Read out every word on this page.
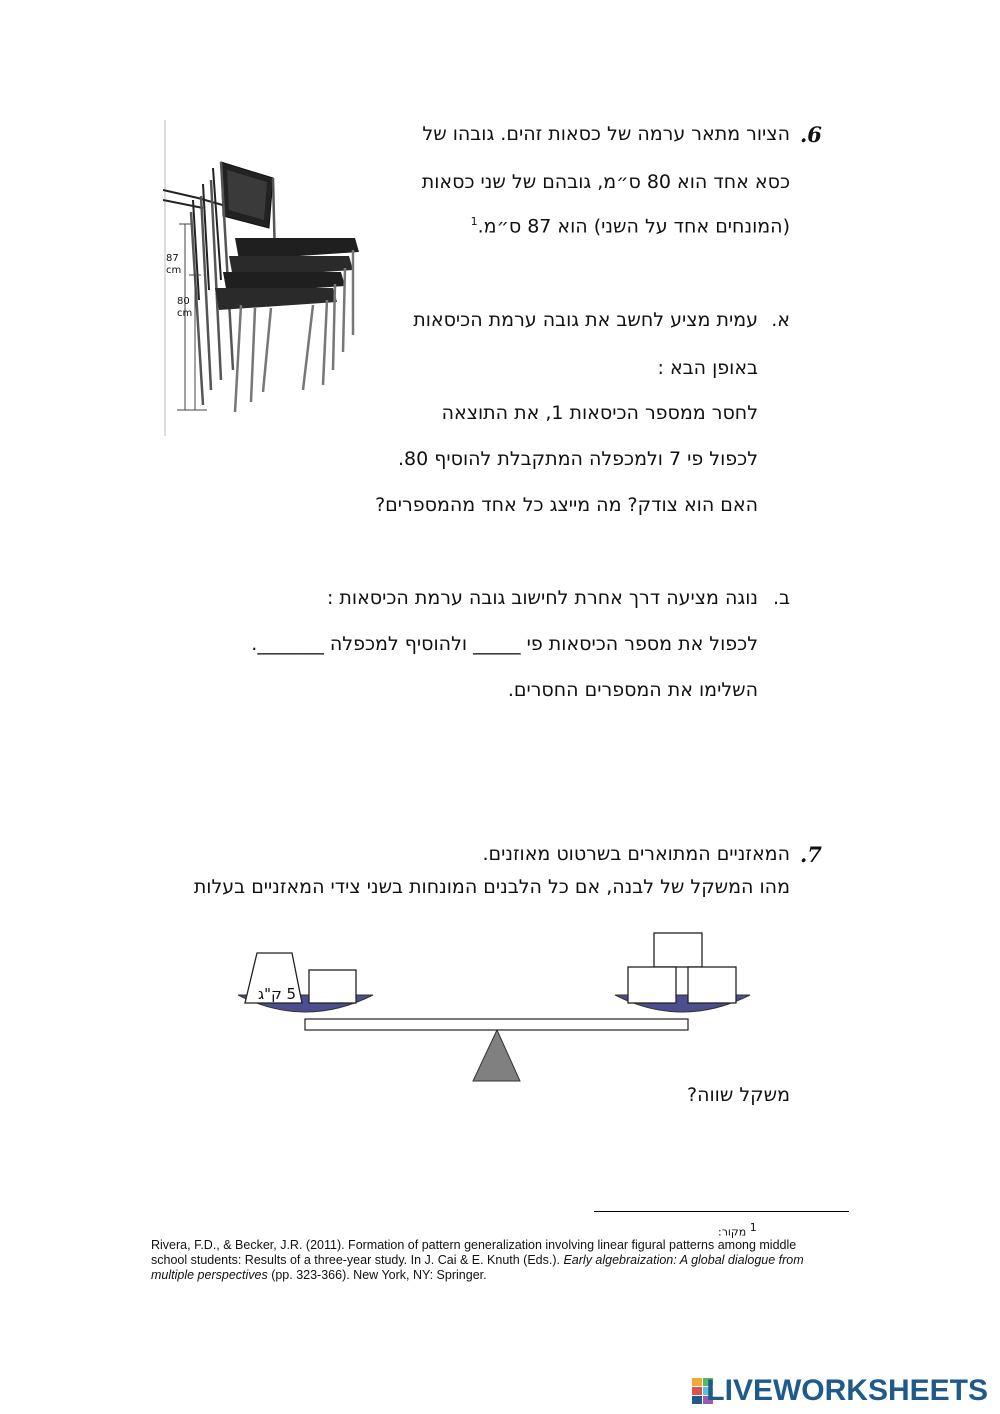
.6
הציור מתאר ערמה של כסאות זהים. גובהו של
כסא אחד הוא 80 ס״מ, גובהם של שני כסאות
(המונחים אחד על השני) הוא 87 ס״מ.$^1$
87
cm
80
cm	א.
עמית מציע לחשב את גובה ערמת הכיסאות
באופן הבא :
לחסר ממספר הכיסאות 1, את התוצאה
לכפול פי 7 ולמכפלה המתקבלת להוסיף 80.
האם הוא צודק? מה מייצג כל אחד מהמספרים?
ב.
נוגה מציעה דרך אחרת לחישוב גובה ערמת הכיסאות :
לכפול את מספר הכיסאות פי _____ ולהוסיף למכפלה _______.
השלימו את המספרים החסרים.
.7
המאזניים המתוארים בשרטוט מאוזנים.
מהו המשקל של לבנה, אם כל הלבנים המונחות בשני צידי המאזניים בעלות
5 ק"ג
משקל שווה?
$^1$ מקור:
Rivera, F.D., & Becker, J.R. (2011). Formation of pattern generalization involving linear figural patterns among middle school students: Results of a three-year study. In J. Cai & E. Knuth (Eds.). Early algebraization: A global dialogue from multiple perspectives (pp. 323-366). New York, NY: Springer.
LIVEWORKSHEETS
